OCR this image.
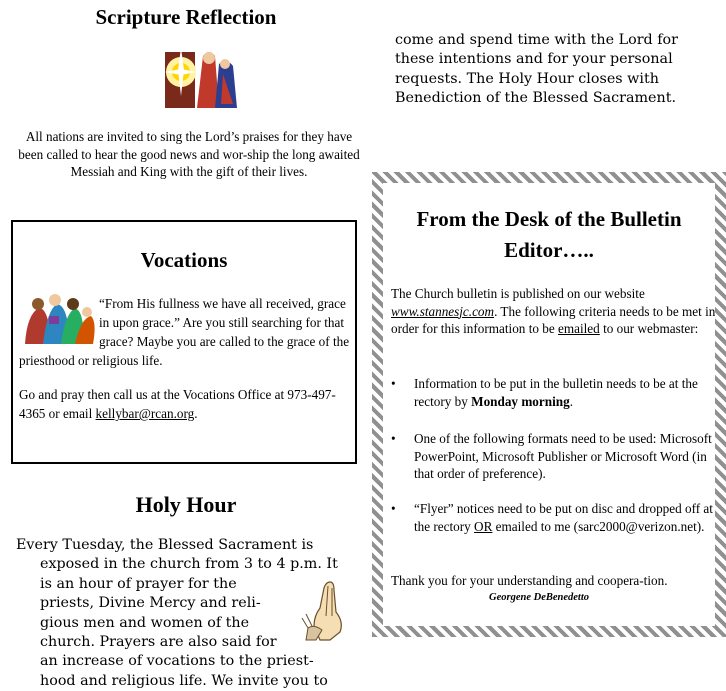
Scripture Reflection

All nations are invited to sing the Lord’s praises for they have been called to hear the good news and wor-ship the long awaited Messiah and King with the gift of their lives.

Vocations

“From His fullness we have all received, grace in upon grace.” Are you still searching for that grace? Maybe you are called to the grace of the priesthood or religious life.

Go and pray then call us at the Vocations Office at 973-497-4365 or email kellybar@rcan.org.

Holy Hour

Every Tuesday, the Blessed Sacrament is
exposed in the church from 3 to 4 p.m. It
is an hour of prayer for the
priests, Divine Mercy and reli-
gious men and women of the
church. Prayers are also said for
an increase of vocations to the priest-
hood and religious life. We invite you to

come and spend time with the Lord for
these intentions and for your personal
requests. The Holy Hour closes with
Benediction of the Blessed Sacrament.

From the Desk of the Bulletin Editor…..

The Church bulletin is published on our website www.stannesjc.com. The following criteria needs to be met in order for this information to be emailed to our webmaster:

• Information to be put in the bulletin needs to be at the rectory by Monday morning.

• One of the following formats need to be used: Microsoft PowerPoint, Microsoft Publisher or Microsoft Word (in that order of preference).

• “Flyer” notices need to be put on disc and dropped off at the rectory OR emailed to me (sarc2000@verizon.net).

Thank you for your understanding and coopera-tion.

Georgene DeBenedetto
